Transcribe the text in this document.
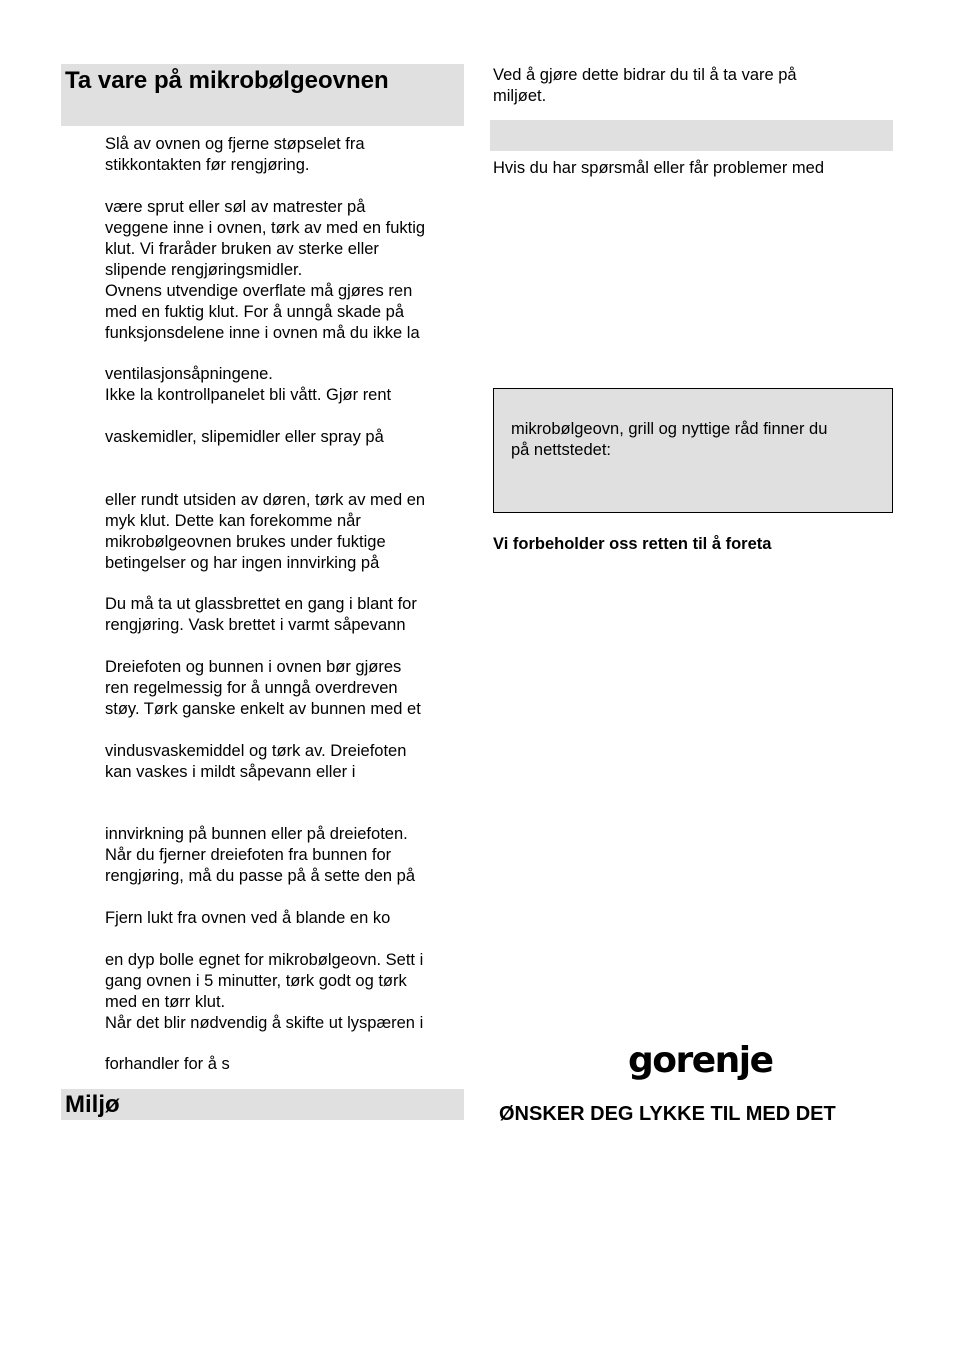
Ta vare på mikrobølgeovnen
Slå av ovnen og fjerne støpselet fra
stikkontakten før rengjøring.
være sprut eller søl av matrester på
veggene inne i ovnen, tørk av med en fuktig
klut. Vi fraråder bruken av sterke eller
slipende rengjøringsmidler.
Ovnens utvendige overflate må gjøres ren
med en fuktig klut. For å unngå skade på
funksjonsdelene inne i ovnen må du ikke la
ventilasjonsåpningene.
Ikke la kontrollpanelet bli vått. Gjør rent
vaskemidler, slipemidler eller spray på
eller rundt utsiden av døren, tørk av med en
myk klut. Dette kan forekomme når
mikrobølgeovnen brukes under fuktige
betingelser og har ingen innvirking på
Du må ta ut glassbrettet en gang i blant for
rengjøring. Vask brettet i varmt såpevann
Dreiefoten og bunnen i ovnen bør gjøres
ren regelmessig for å unngå overdreven
støy. Tørk ganske enkelt av bunnen med et
vindusvaskemiddel og tørk av. Dreiefoten
kan vaskes i mildt såpevann eller i
innvirkning på bunnen eller på dreiefoten.
Når du fjerner dreiefoten fra bunnen for
rengjøring, må du passe på å sette den på
Fjern lukt fra ovnen ved å blande en ko
en dyp bolle egnet for mikrobølgeovn. Sett i
gang ovnen i 5 minutter, tørk godt og tørk
med en tørr klut.
Når det blir nødvendig å skifte ut lyspæren i
forhandler for å s
Miljø
Ved å gjøre dette bidrar du til å ta vare på
miljøet.
Hvis du har spørsmål eller får problemer med
mikrobølgeovn, grill og nyttige råd finner du
på nettstedet:
Vi forbeholder oss retten til å foreta
gorenje
ØNSKER DEG LYKKE TIL MED DET
